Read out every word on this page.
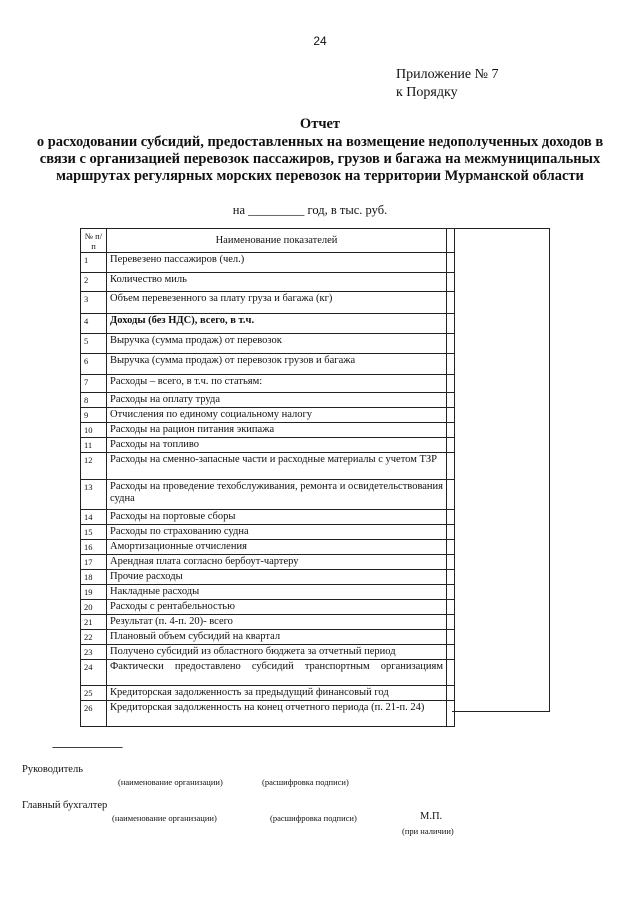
24
Приложение № 7
к Порядку
Отчет
о расходовании субсидий, предоставленных на возмещение недополученных доходов в связи с организацией перевозок пассажиров, грузов и багажа на межмуниципальных маршрутах регулярных морских перевозок на территории Мурманской области
на _________ год, в тыс. руб.
№ п/п	Наименование показателей	
1	Перевезено пассажиров (чел.)	
2	Количество миль	
3	Объем перевезенного за плату груза и багажа (кг)	
4	Доходы (без НДС), всего, в т.ч.	
5	Выручка (сумма продаж) от перевозок	
6	Выручка (сумма продаж) от перевозок грузов и багажа	
7	Расходы – всего, в т.ч. по статьям:	
8	Расходы на оплату труда	
9	Отчисления по единому социальному налогу	
10	Расходы на рацион питания экипажа	
11	Расходы на топливо	
12	Расходы на сменно-запасные части и расходные материалы с учетом ТЗР	
13	Расходы на проведение техобслуживания, ремонта и освидетельствования судна	
14	Расходы на портовые сборы	
15	Расходы по страхованию судна	
16	Амортизационные отчисления	
17	Арендная плата согласно бербоут-чартеру	
18	Прочие расходы	
19	Накладные расходы	
20	Расходы с рентабельностью	
21	Результат (п. 4-п. 20)- всего	
22	Плановый объем субсидий на квартал	
23	Получено субсидий из областного бюджета за отчетный период	
24	Фактически предоставлено субсидий транспортным организациям	
25	Кредиторская задолженность за предыдущий финансовый год	
26	Кредиторская задолженность на конец отчетного периода (п. 21-п. 24)	
------------------------------
Руководитель
(наименование организации)	(расшифровка подписи)
Главный бухгалтер
(наименование организации)	(расшифровка подписи)	М.П.
(при наличии)
